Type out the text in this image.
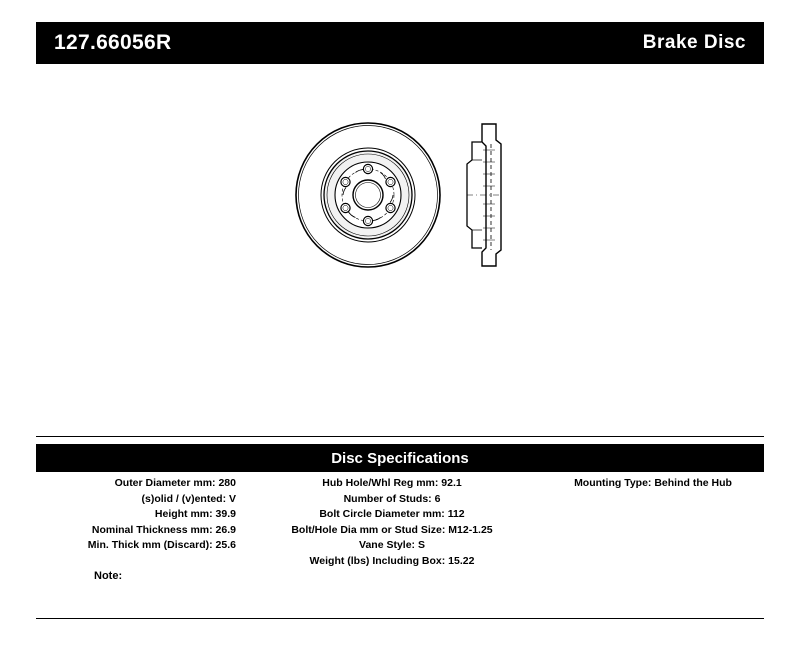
127.66056R	Brake Disc
Disc Specifications
Outer Diameter mm: 280
(s)olid / (v)ented: V
Height mm: 39.9
Nominal Thickness mm: 26.9
Min. Thick mm (Discard): 25.6
Hub Hole/Whl Reg mm: 92.1
Number of Studs: 6
Bolt Circle Diameter mm: 112
Bolt/Hole Dia mm or Stud Size: M12-1.25
Vane Style: S
Weight (lbs) Including Box: 15.22
Mounting Type: Behind the Hub
Note:
